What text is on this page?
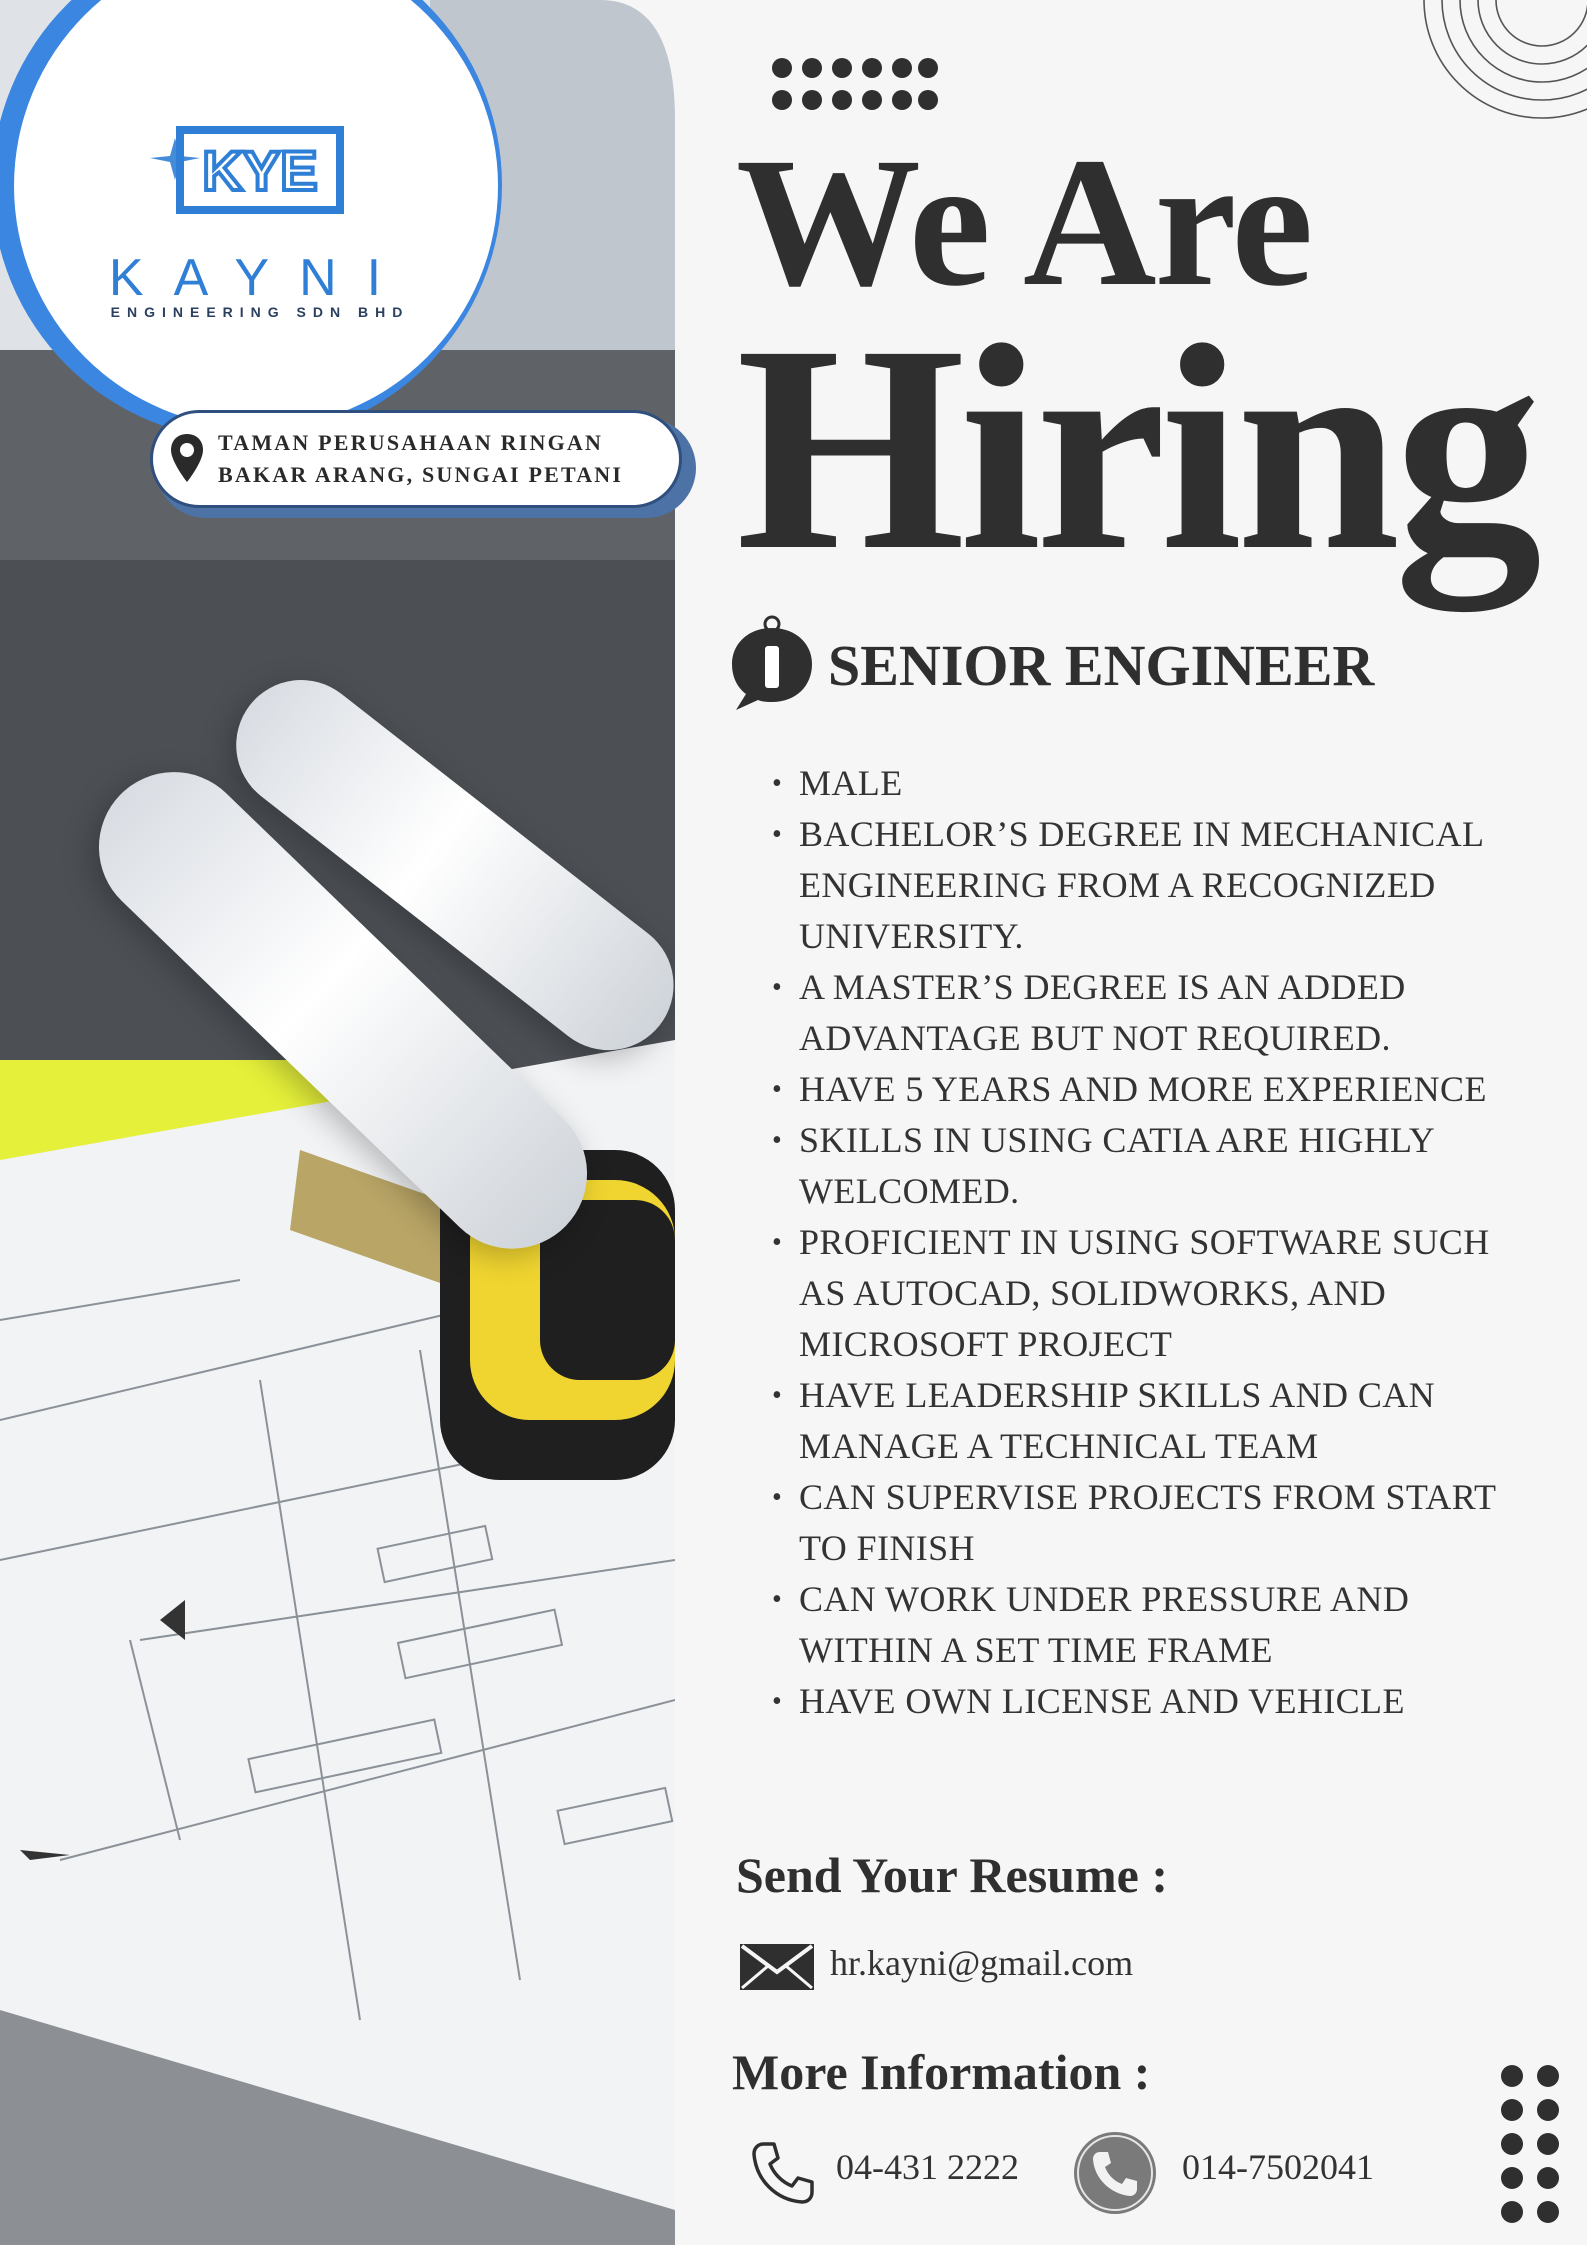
KYE
KAYNI
ENGINEERING SDN BHD
TAMAN PERUSAHAAN RINGAN
BAKAR ARANG, SUNGAI PETANI
We Are
Hiring
SENIOR ENGINEER
• MALE
• BACHELOR’S DEGREE IN MECHANICAL ENGINEERING FROM A RECOGNIZED UNIVERSITY.
• A MASTER’S DEGREE IS AN ADDED ADVANTAGE BUT NOT REQUIRED.
• HAVE 5 YEARS AND MORE EXPERIENCE
• SKILLS IN USING CATIA ARE HIGHLY WELCOMED.
• PROFICIENT IN USING SOFTWARE SUCH AS AUTOCAD, SOLIDWORKS, AND MICROSOFT PROJECT
• HAVE LEADERSHIP SKILLS AND CAN MANAGE A TECHNICAL TEAM
• CAN SUPERVISE PROJECTS FROM START TO FINISH
• CAN WORK UNDER PRESSURE AND WITHIN A SET TIME FRAME
• HAVE OWN LICENSE AND VEHICLE
Send Your Resume :
hr.kayni@gmail.com
More Information :
04-431 2222	014-7502041
